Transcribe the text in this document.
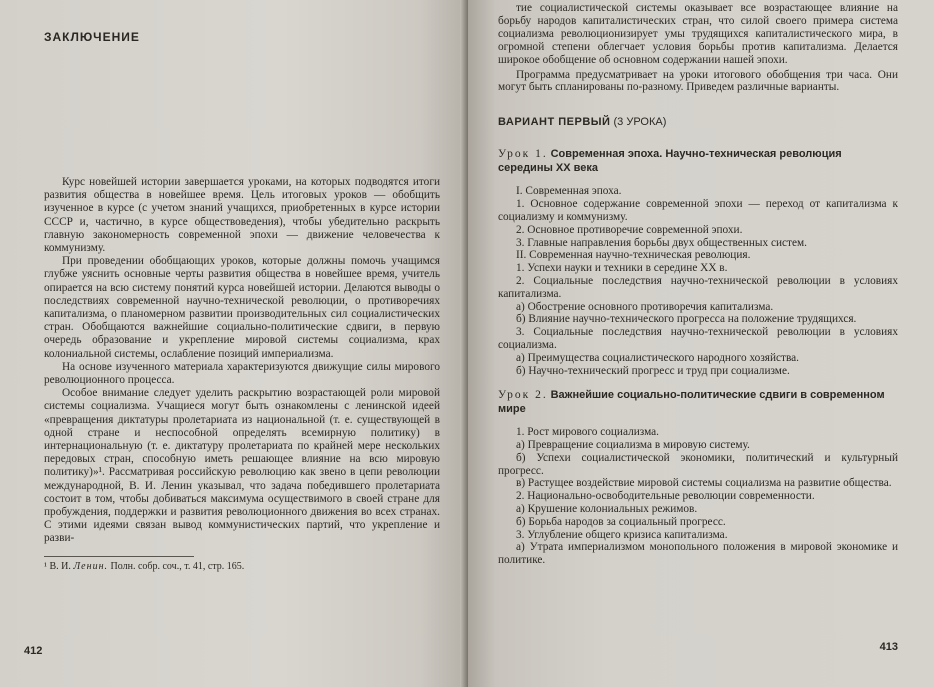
ЗАКЛЮЧЕНИЕ

Курс новейшей истории завершается уроками, на которых подводятся итоги развития общества в новейшее время. Цель итоговых уроков — обобщить изученное в курсе (с учетом знаний учащихся, приобретенных в курсе истории СССР и, частично, в курсе обществоведения), чтобы убедительно раскрыть главную закономерность современной эпохи — движение человечества к коммунизму.

При проведении обобщающих уроков, которые должны помочь учащимся глубже уяснить основные черты развития общества в новейшее время, учитель опирается на всю систему понятий курса новейшей истории. Делаются выводы о последствиях современной научно-технической революции, о противоречиях капитализма, о планомерном развитии производительных сил социалистических стран. Обобщаются важнейшие социально-политические сдвиги, в первую очередь образование и укрепление мировой системы социализма, крах колониальной системы, ослабление позиций империализма.

На основе изученного материала характеризуются движущие силы мирового революционного процесса.

Особое внимание следует уделить раскрытию возрастающей роли мировой системы социализма. Учащиеся могут быть ознакомлены с ленинской идеей «превращения диктатуры пролетариата из национальной (т. е. существующей в одной стране и неспособной определять всемирную политику) в интернациональную (т. е. диктатуру пролетариата по крайней мере нескольких передовых стран, способную иметь решающее влияние на всю мировую политику)»¹. Рассматривая российскую революцию как звено в цепи революции международной, В. И. Ленин указывал, что задача победившего пролетариата состоит в том, чтобы добиваться максимума осуществимого в своей стране для пробуждения, поддержки и развития революционного движения во всех странах. С этими идеями связан вывод коммунистических партий, что укрепление и разви-

¹ В. И. Ленин. Полн. собр. соч., т. 41, стр. 165.

412

тие социалистической системы оказывает все возрастающее влияние на борьбу народов капиталистических стран, что силой своего примера система социализма революционизирует умы трудящихся капиталистического мира, в огромной степени облегчает условия борьбы против капитализма. Делается широкое обобщение об основном содержании нашей эпохи.

Программа предусматривает на уроки итогового обобщения три часа. Они могут быть спланированы по-разному. Приведем различные варианты.

ВАРИАНТ ПЕРВЫЙ (3 УРОКА)
Урок 1. Современная эпоха. Научно-техническая революция середины XX века
I. Современная эпоха.
1. Основное содержание современной эпохи — переход от капитализма к социализму и коммунизму.
2. Основное противоречие современной эпохи.
3. Главные направления борьбы двух общественных систем.
II. Современная научно-техническая революция.
1. Успехи науки и техники в середине XX в.
2. Социальные последствия научно-технической революции в условиях капитализма.
а) Обострение основного противоречия капитализма.
б) Влияние научно-технического прогресса на положение трудящихся.
3. Социальные последствия научно-технической революции в условиях социализма.
а) Преимущества социалистического народного хозяйства.
б) Научно-технический прогресс и труд при социализме.
Урок 2. Важнейшие социально-политические сдвиги в современном мире
1. Рост мирового социализма.
а) Превращение социализма в мировую систему.
б) Успехи социалистической экономики, политический и культурный прогресс.
в) Растущее воздействие мировой системы социализма на развитие общества.
2. Национально-освободительные революции современности.
а) Крушение колониальных режимов.
б) Борьба народов за социальный прогресс.
3. Углубление общего кризиса капитализма.
а) Утрата империализмом монопольного положения в мировой экономике и политике.
413
